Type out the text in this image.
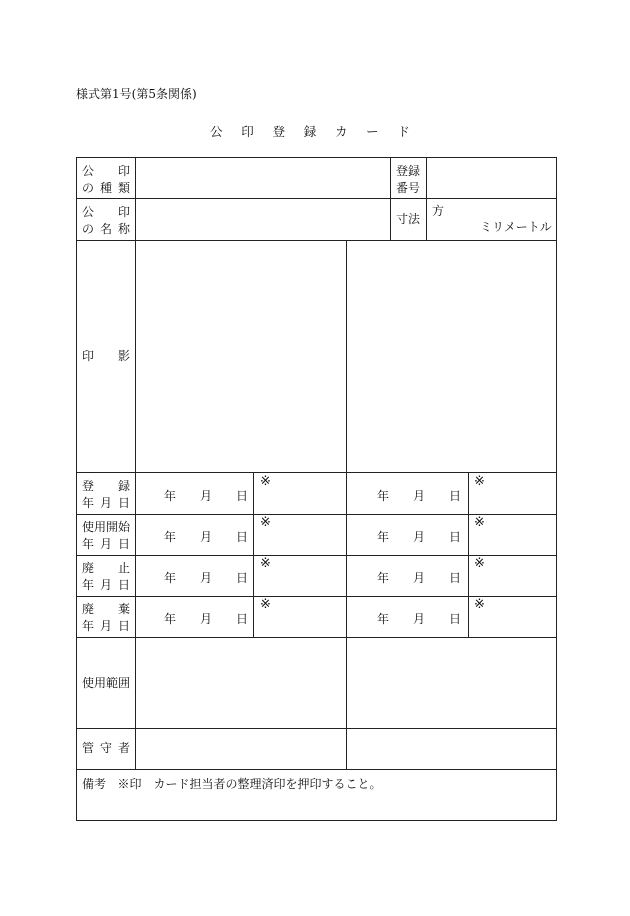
様式第1号(第5条関係)
公 印 登 録 カ ー ド
公 印
の 種 類
登録
番号
公 印
の 名 称
寸法
方
ミリメートル
印 影
登 録
年 月 日
年 月 日
※
年 月 日
※
使用開始
年 月 日
年 月 日
※
年 月 日
※
廃 止
年 月 日
年 月 日
※
年 月 日
※
廃 棄
年 月 日
年 月 日
※
年 月 日
※
使用範囲
管 守 者
備考 ※印　カード担当者の整理済印を押印すること。
